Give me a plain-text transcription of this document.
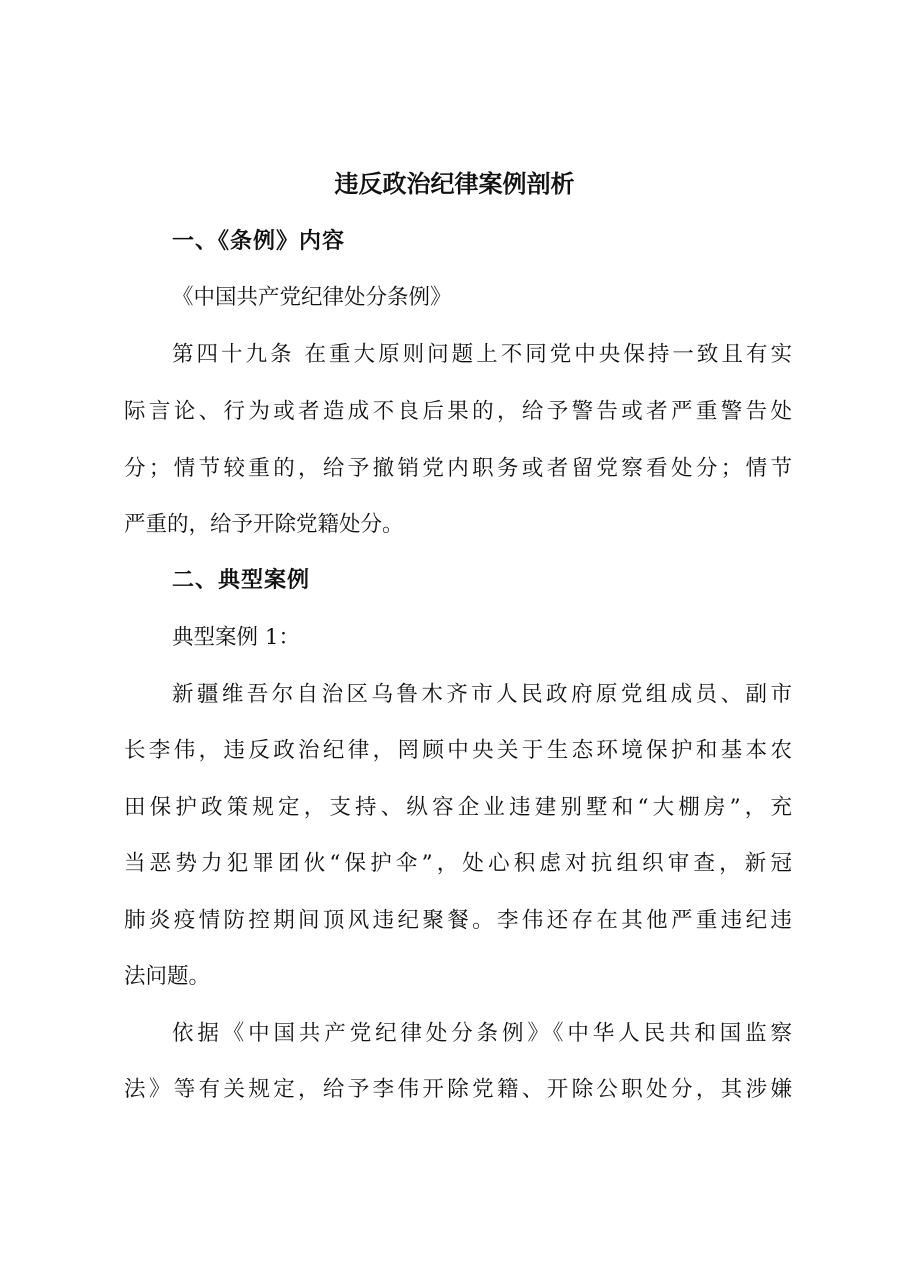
违反政治纪律案例剖析
一、《条例》内容
《中国共产党纪律处分条例》
第四十九条 在重大原则问题上不同党中央保持一致且有实
际言论、行为或者造成不良后果的，给予警告或者严重警告处
分；情节较重的，给予撤销党内职务或者留党察看处分；情节
严重的，给予开除党籍处分。
二、典型案例
典型案例 1：
新疆维吾尔自治区乌鲁木齐市人民政府原党组成员、副市
长李伟，违反政治纪律，罔顾中央关于生态环境保护和基本农
田保护政策规定，支持、纵容企业违建别墅和“大棚房”，充
当恶势力犯罪团伙“保护伞”，处心积虑对抗组织审查，新冠
肺炎疫情防控期间顶风违纪聚餐。李伟还存在其他严重违纪违
法问题。
依据《中国共产党纪律处分条例》《中华人民共和国监察
法》等有关规定，给予李伟开除党籍、开除公职处分，其涉嫌
